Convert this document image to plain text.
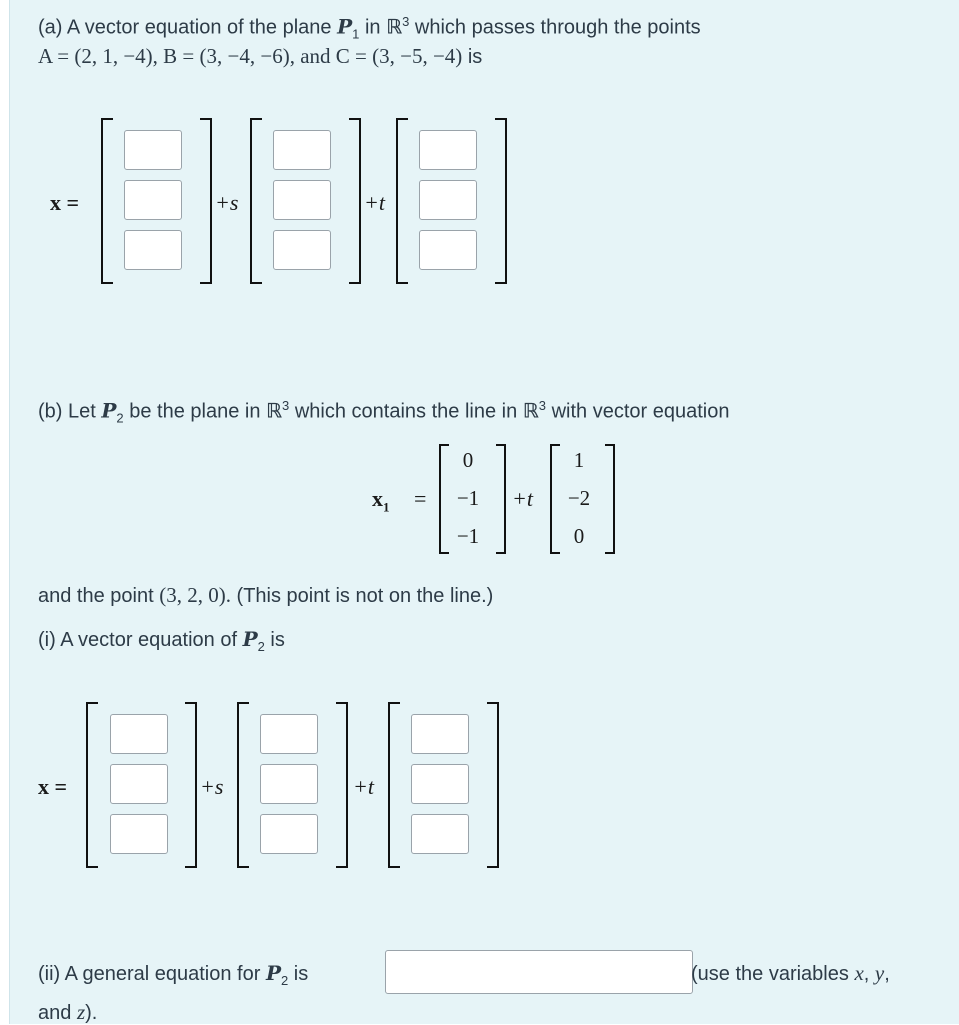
(a) A vector equation of the plane $P_1$ in ℝ$^3$ which passes through the points
A = (2, 1, −4), B = (3, −4, −6), and C = (3, −5, −4) is
x =	+s	+t
(b) Let $P_2$ be the plane in ℝ$^3$ which contains the line in ℝ$^3$ with vector equation
$x_1$ =
0
−1
−1
+t
1
−2
0
and the point (3, 2, 0). (This point is not on the line.)
(i) A vector equation of $P_2$ is
x =	+s	+t
(ii) A general equation for $P_2$ is	(use the variables x, y,
and z).
